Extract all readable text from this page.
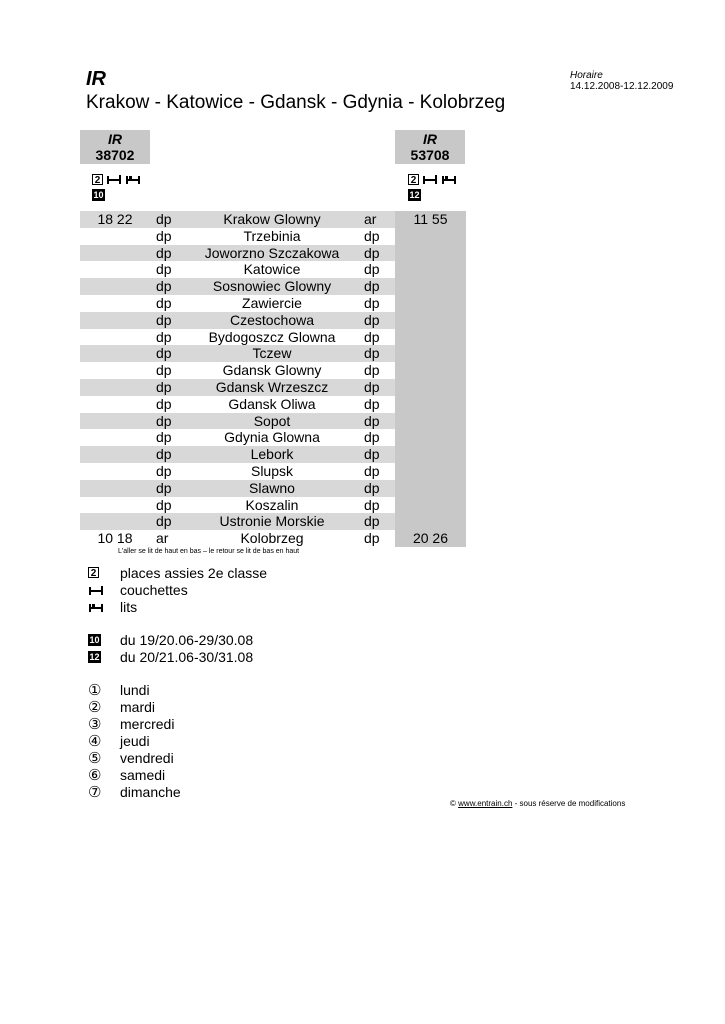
IR
Krakow - Katowice - Gdansk - Gdynia - Kolobrzeg
Horaire
14.12.2008-12.12.2009
IR
38702
IR
53708
2
10
2
12
18 22	dp	Krakow Glowny	ar	11 55
dp	Trzebinia	dp
dp	Joworzno Szczakowa	dp
dp	Katowice	dp
dp	Sosnowiec Glowny	dp
dp	Zawiercie	dp
dp	Czestochowa	dp
dp	Bydogoszcz Glowna	dp
dp	Tczew	dp
dp	Gdansk Glowny	dp
dp	Gdansk Wrzeszcz	dp
dp	Gdansk Oliwa	dp
dp	Sopot	dp
dp	Gdynia Glowna	dp
dp	Lebork	dp
dp	Slupsk	dp
dp	Slawno	dp
dp	Koszalin	dp
dp	Ustronie Morskie	dp
10 18	ar	Kolobrzeg	dp	20 26
L'aller se lit de haut en bas – le retour se lit de bas en haut
2 places assies 2e classe
couchettes
lits
10 du 19/20.06-29/30.08
12 du 20/21.06-30/31.08
①	lundi
②	mardi
③	mercredi
④	jeudi
⑤	vendredi
⑥	samedi
⑦	dimanche
© www.entrain.ch - sous réserve de modifications
